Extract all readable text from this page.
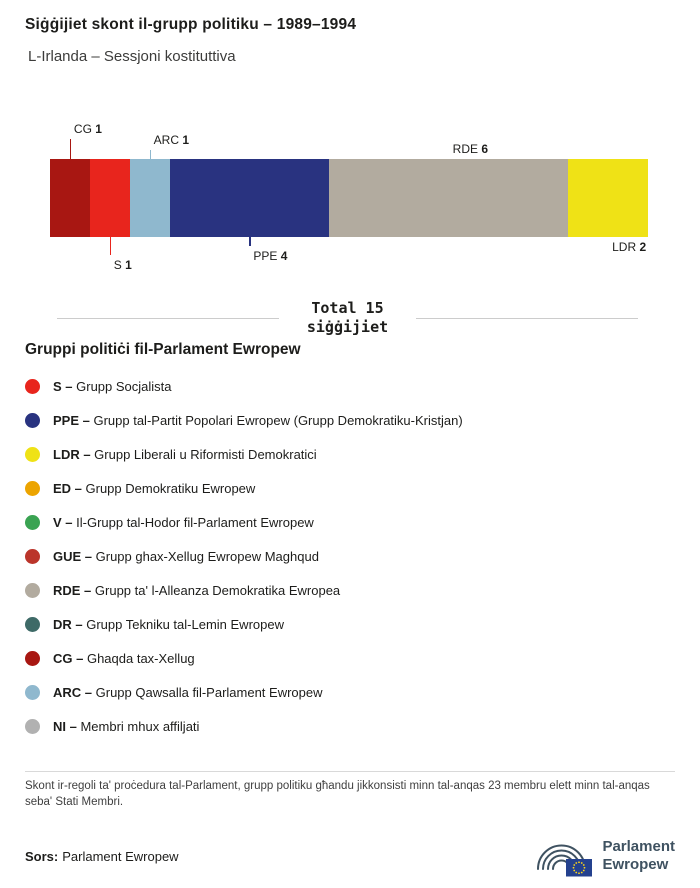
Siġġijiet skont il-grupp politiku – 1989–1994
L-Irlanda – Sessjoni kostituttiva
CG 1
S 1
ARC 1
PPE 4
RDE 6
LDR 2
Total 15
siġġijiet
Gruppi politiċi fil-Parlament Ewropew
S – Grupp Socjalista
PPE – Grupp tal-Partit Popolari Ewropew (Grupp Demokratiku-Kristjan)
LDR – Grupp Liberali u Riformisti Demokratici
ED – Grupp Demokratiku Ewropew
V – Il-Grupp tal-Hodor fil-Parlament Ewropew
GUE – Grupp ghax-Xellug Ewropew Maghqud
RDE – Grupp ta' l-Alleanza Demokratika Ewropea
DR – Grupp Tekniku tal-Lemin Ewropew
CG – Ghaqda tax-Xellug
ARC – Grupp Qawsalla fil-Parlament Ewropew
NI – Membri mhux affiljati

Skont ir-regoli ta' proċedura tal-Parlament, grupp politiku għandu jikkonsisti minn tal-anqas 23 membru elett minn tal-anqas seba' Stati Membri.

Sors: Parlament Ewropew
Parlament
Ewropew
